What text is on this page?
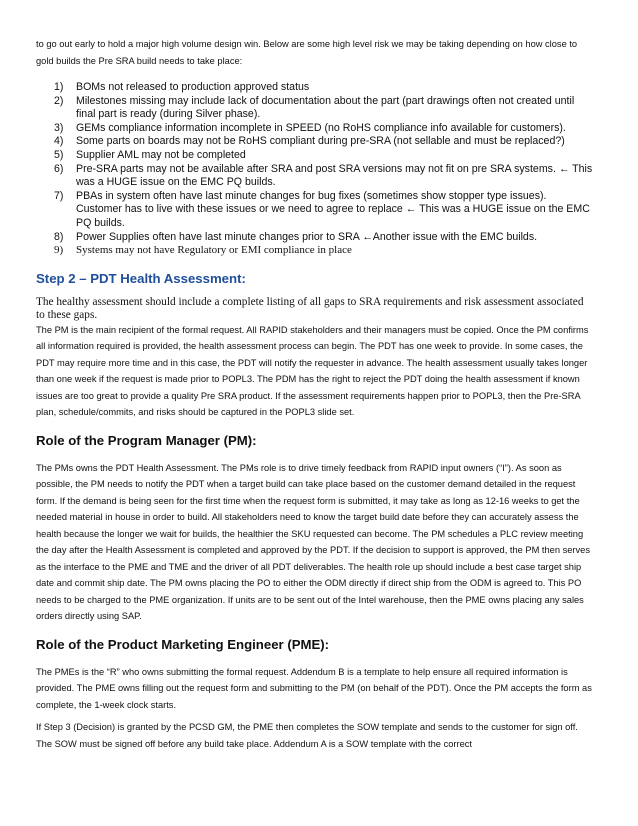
to go out early to hold a major high volume design win. Below are some high level risk we may be taking depending on how close to gold builds the Pre SRA build needs to take place:

1) BOMs not released to production approved status
2) Milestones missing may include lack of documentation about the part (part drawings often not created until final part is ready (during Silver phase).
3) GEMs compliance information incomplete in SPEED (no RoHS compliance info available for customers).
4) Some parts on boards may not be RoHS compliant during pre-SRA (not sellable and must be replaced?)
5) Supplier AML may not be completed
6) Pre-SRA parts may not be available after SRA and post SRA versions may not fit on pre SRA systems. ← This was a HUGE issue on the EMC PQ builds.
7) PBAs in system often have last minute changes for bug fixes (sometimes show stopper type issues). Customer has to live with these issues or we need to agree to replace ← This was a HUGE issue on the EMC PQ builds.
8) Power Supplies often have last minute changes prior to SRA ←Another issue with the EMC builds.
9) Systems may not have Regulatory or EMI compliance in place
Step 2 – PDT Health Assessment:

The healthy assessment should include a complete listing of all gaps to SRA requirements and risk assessment associated to these gaps.

The PM is the main recipient of the formal request. All RAPID stakeholders and their managers must be copied. Once the PM confirms all information required is provided, the health assessment process can begin. The PDT has one week to provide. In some cases, the PDT may require more time and in this case, the PDT will notify the requester in advance. The health assessment usually takes longer than one week if the request is made prior to POPL3. The PDM has the right to reject the PDT doing the health assessment if known issues are too great to provide a quality Pre SRA product. If the assessment requirements happen prior to POPL3, then the Pre-SRA plan, schedule/commits, and risks should be captured in the POPL3 slide set.

Role of the Program Manager (PM):

The PMs owns the PDT Health Assessment. The PMs role is to drive timely feedback from RAPID input owners (“I”). As soon as possible, the PM needs to notify the PDT when a target build can take place based on the customer demand detailed in the request form. If the demand is being seen for the first time when the request form is submitted, it may take as long as 12-16 weeks to get the needed material in house in order to build. All stakeholders need to know the target build date before they can accurately assess the health because the longer we wait for builds, the healthier the SKU requested can become. The PM schedules a PLC review meeting the day after the Health Assessment is completed and approved by the PDT. If the decision to support is approved, the PM then serves as the interface to the PME and TME and the driver of all PDT deliverables. The health role up should include a best case target ship date and commit ship date. The PM owns placing the PO to either the ODM directly if direct ship from the ODM is agreed to. This PO needs to be charged to the PME organization. If units are to be sent out of the Intel warehouse, then the PME owns placing any sales orders directly using SAP.

Role of the Product Marketing Engineer (PME):

The PMEs is the “R” who owns submitting the formal request. Addendum B is a template to help ensure all required information is provided. The PME owns filling out the request form and submitting to the PM (on behalf of the PDT). Once the PM accepts the form as complete, the 1-week clock starts.

If Step 3 (Decision) is granted by the PCSD GM, the PME then completes the SOW template and sends to the customer for sign off. The SOW must be signed off before any build take place. Addendum A is a SOW template with the correct
